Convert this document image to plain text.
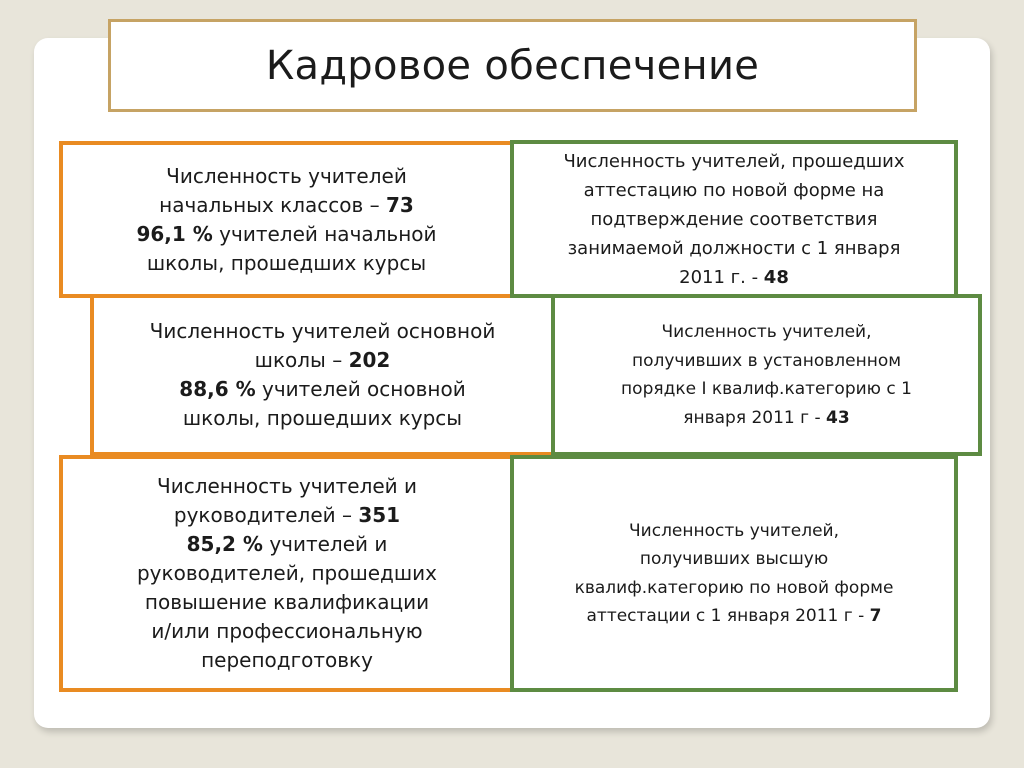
Кадровое обеспечение
Численность учителей
начальных классов – 73
96,1 % учителей начальной
школы, прошедших курсы
Численность учителей основной
школы – 202
88,6 % учителей основной
школы, прошедших курсы
Численность учителей и
руководителей – 351
85,2 % учителей и
руководителей, прошедших
повышение квалификации
и/или профессиональную
переподготовку
Численность учителей, прошедших
аттестацию по новой форме на
подтверждение соответствия
занимаемой должности с 1 января
2011 г. - 48
Численность учителей,
получивших в установленном
порядке I квалиф.категорию с 1
января 2011 г - 43
Численность учителей,
получивших высшую
квалиф.категорию по новой форме
аттестации с 1 января 2011 г - 7
